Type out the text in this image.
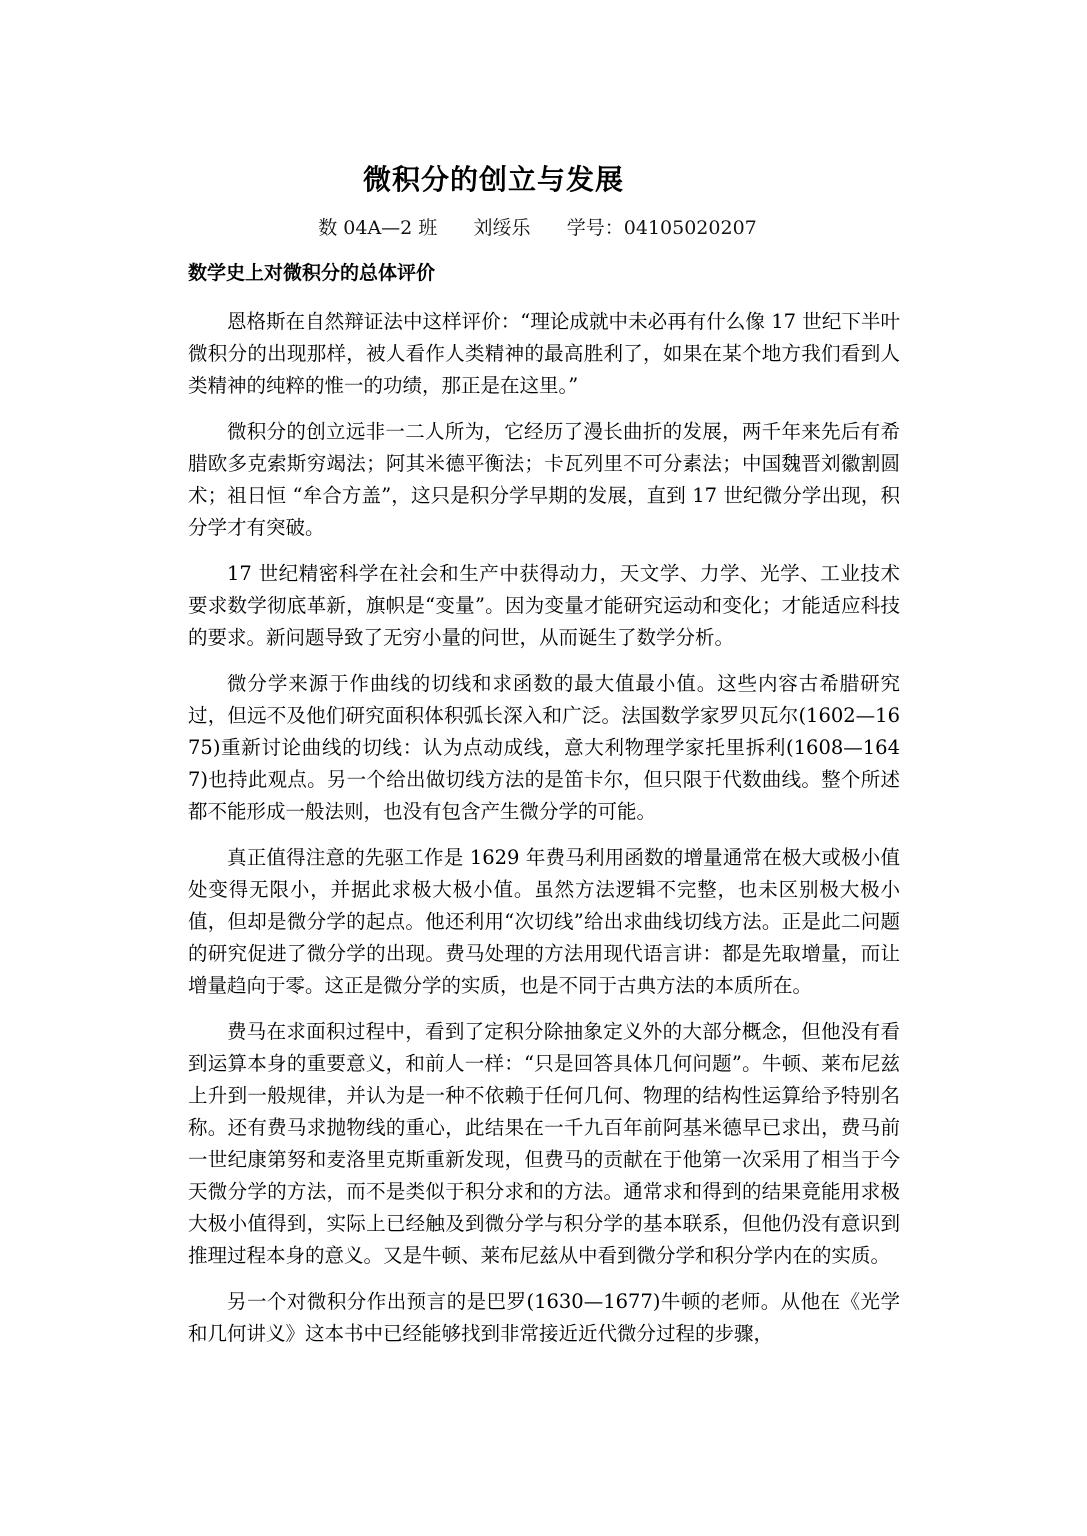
微积分的创立与发展
数 04A—2 班      刘绥乐      学号：04105020207
数学史上对微积分的总体评价

恩格斯在自然辩证法中这样评价：“理论成就中未必再有什么像 17 世纪下半叶微积分的出现那样，被人看作人类精神的最高胜利了，如果在某个地方我们看到人类精神的纯粹的惟一的功绩，那正是在这里。”

微积分的创立远非一二人所为，它经历了漫长曲折的发展，两千年来先后有希腊欧多克索斯穷竭法；阿其米德平衡法；卡瓦列里不可分素法；中国魏晋刘徽割圆术；祖日恒 “牟合方盖”，这只是积分学早期的发展，直到 17 世纪微分学出现，积分学才有突破。

17 世纪精密科学在社会和生产中获得动力，天文学、力学、光学、工业技术要求数学彻底革新，旗帜是“变量”。因为变量才能研究运动和变化；才能适应科技的要求。新问题导致了无穷小量的问世，从而诞生了数学分析。

微分学来源于作曲线的切线和求函数的最大值最小值。这些内容古希腊研究过，但远不及他们研究面积体积弧长深入和广泛。法国数学家罗贝瓦尔(1602—1675)重新讨论曲线的切线：认为点动成线，意大利物理学家托里拆利(1608—1647)也持此观点。另一个给出做切线方法的是笛卡尔，但只限于代数曲线。整个所述都不能形成一般法则，也没有包含产生微分学的可能。

真正值得注意的先驱工作是 1629 年费马利用函数的增量通常在极大或极小值处变得无限小，并据此求极大极小值。虽然方法逻辑不完整，也未区别极大极小值，但却是微分学的起点。他还利用“次切线”给出求曲线切线方法。正是此二问题的研究促进了微分学的出现。费马处理的方法用现代语言讲：都是先取增量，而让增量趋向于零。这正是微分学的实质，也是不同于古典方法的本质所在。

费马在求面积过程中，看到了定积分除抽象定义外的大部分概念，但他没有看到运算本身的重要意义，和前人一样：“只是回答具体几何问题”。牛顿、莱布尼兹上升到一般规律，并认为是一种不依赖于任何几何、物理的结构性运算给予特别名称。还有费马求抛物线的重心，此结果在一千九百年前阿基米德早已求出，费马前一世纪康第努和麦洛里克斯重新发现，但费马的贡献在于他第一次采用了相当于今天微分学的方法，而不是类似于积分求和的方法。通常求和得到的结果竟能用求极大极小值得到，实际上已经触及到微分学与积分学的基本联系，但他仍没有意识到推理过程本身的意义。又是牛顿、莱布尼兹从中看到微分学和积分学内在的实质。

另一个对微积分作出预言的是巴罗(1630—1677)牛顿的老师。从他在《光学和几何讲义》这本书中已经能够找到非常接近近代微分过程的步骤，
